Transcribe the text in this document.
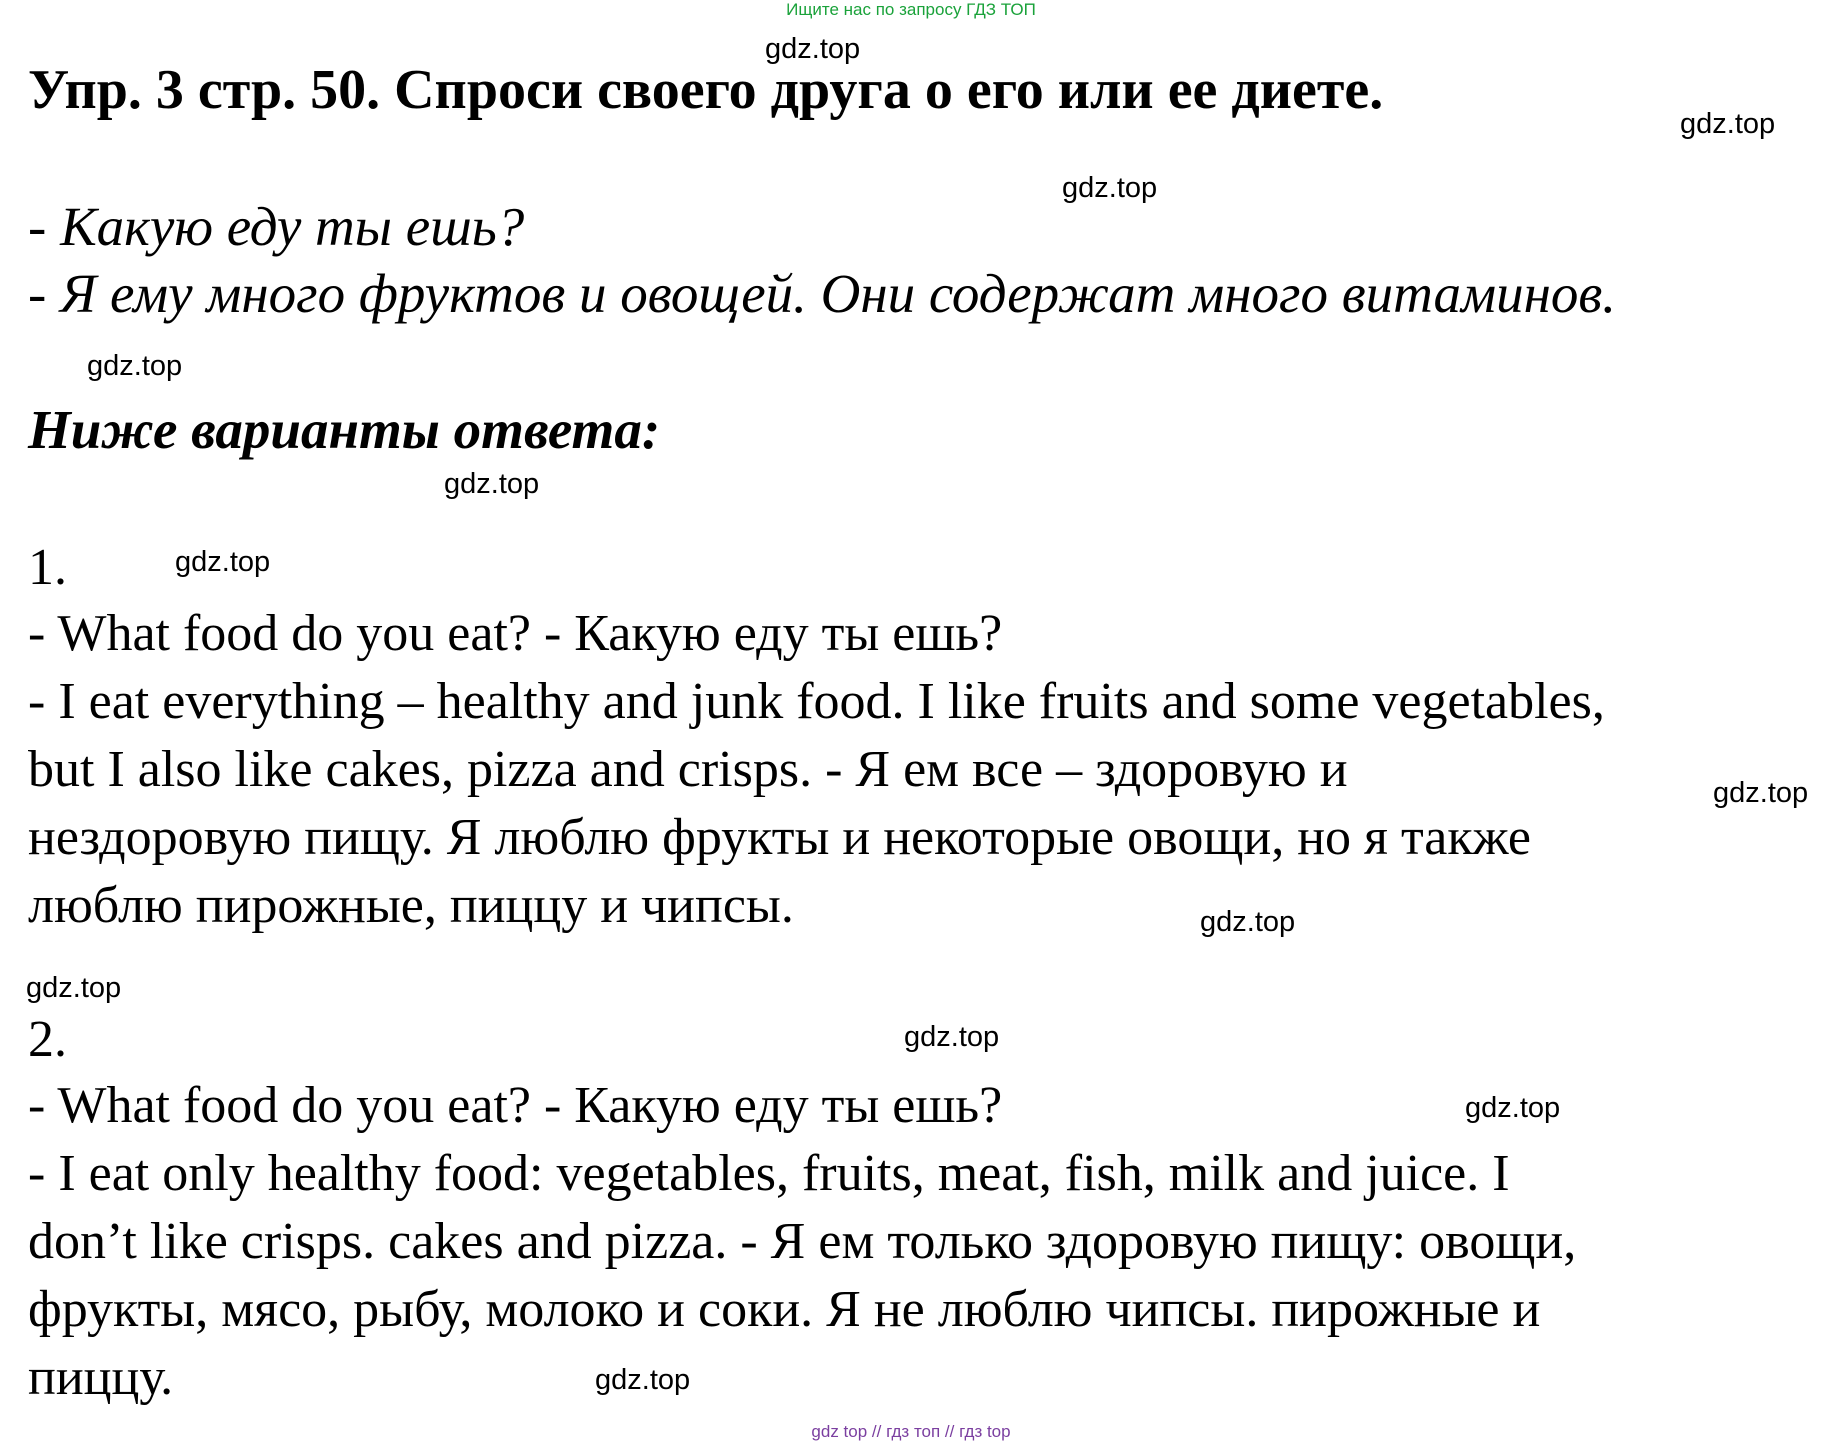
Ищите нас по запросу ГДЗ ТОП
Упр. 3 стр. 50. Спроси своего друга о его или ее диете.
- Какую еду ты ешь?
- Я ему много фруктов и овощей. Они содержат много витаминов.
Ниже варианты ответа:
1.
- What food do you eat? - Какую еду ты ешь?
- I eat everything – healthy and junk food. I like fruits and some vegetables,
but I also like cakes, pizza and crisps. - Я ем все – здоровую и
нездоровую пищу. Я люблю фрукты и некоторые овощи, но я также
люблю пирожные, пиццу и чипсы.
2.
- What food do you eat? - Какую еду ты ешь?
- I eat only healthy food: vegetables, fruits, meat, fish, milk and juice. I
don’t like crisps. cakes and pizza. - Я ем только здоровую пищу: овощи,
фрукты, мясо, рыбу, молоко и соки. Я не люблю чипсы. пирожные и
пиццу.
gdz.top
gdz.top
gdz.top
gdz.top
gdz.top
gdz.top
gdz.top
gdz.top
gdz.top
gdz.top
gdz.top
gdz.top
gdz top // гдз топ // гдз top
